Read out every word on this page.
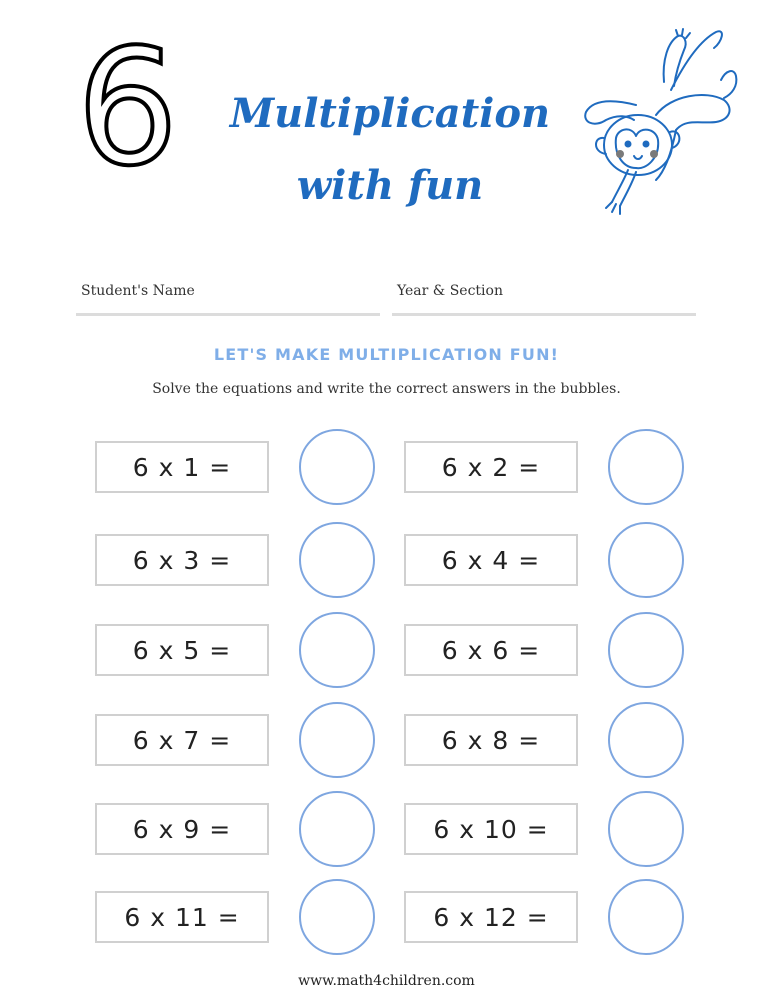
6	Multiplication
with fun
Student's Name	Year & Section
LET'S MAKE MULTIPLICATION FUN!
Solve the equations and write the correct answers in the bubbles.
6 x 1 =	6 x 2 =
6 x 3 =	6 x 4 =
6 x 5 =	6 x 6 =
6 x 7 =	6 x 8 =
6 x 9 =	6 x 10 =
6 x 11 =	6 x 12 =
www.math4children.com
